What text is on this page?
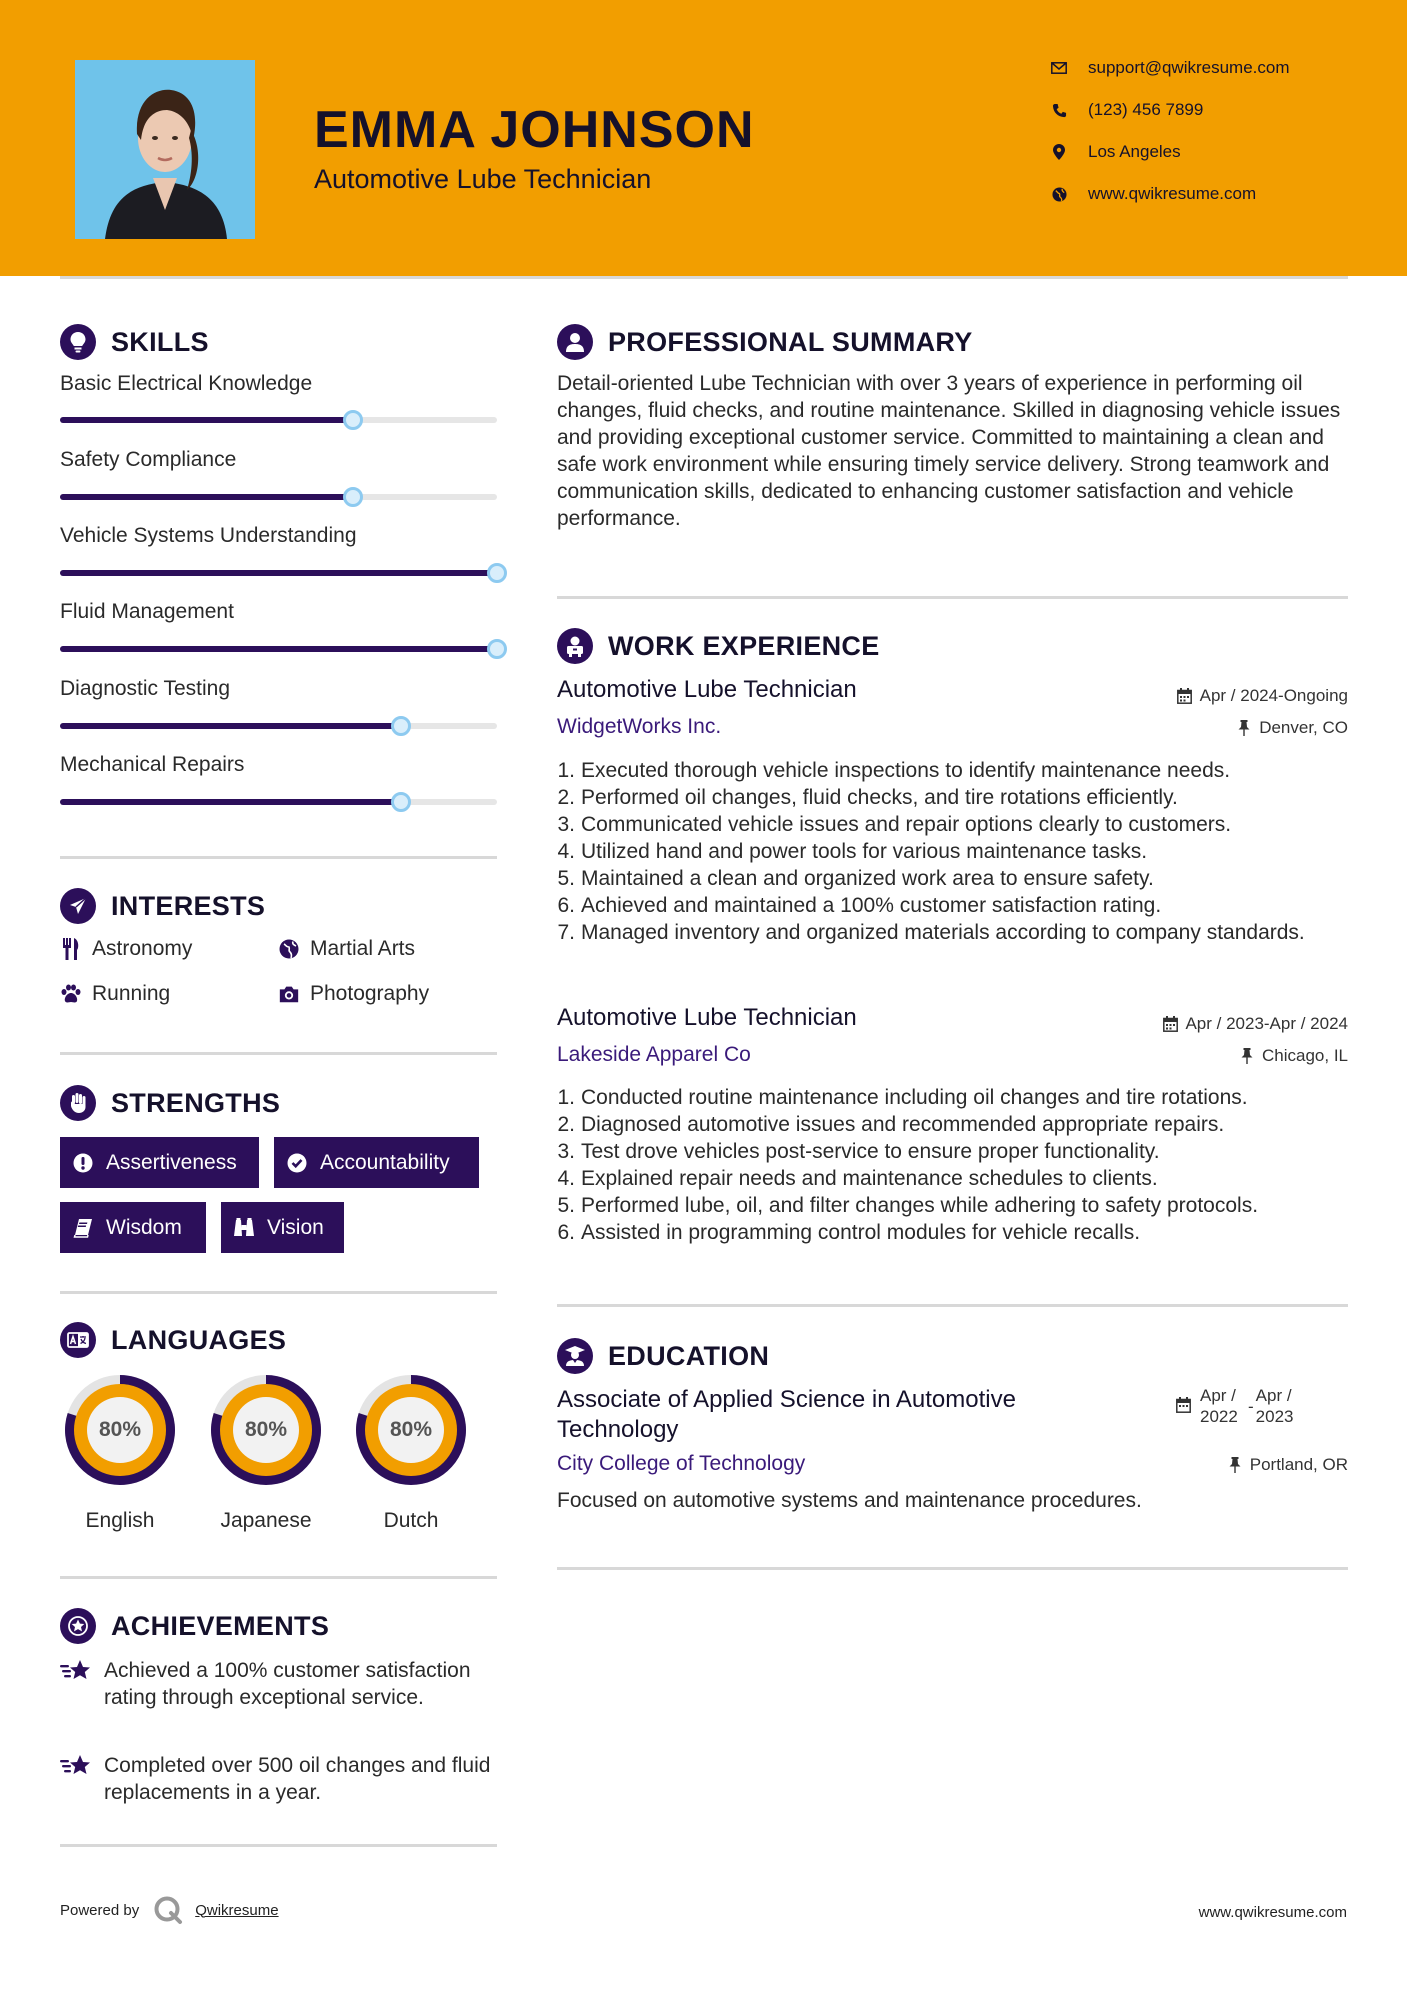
EMMA JOHNSON
Automotive Lube Technician
support@qwikresume.com
(123) 456 7899
Los Angeles
www.qwikresume.com
SKILLS
Basic Electrical Knowledge
Safety Compliance
Vehicle Systems Understanding
Fluid Management
Diagnostic Testing
Mechanical Repairs
INTERESTS
Astronomy	Martial Arts
Running	Photography
STRENGTHS
Assertiveness	Accountability
Wisdom	Vision
LANGUAGES
80%
English
80%
Japanese
80%
Dutch
ACHIEVEMENTS
Achieved a 100% customer satisfaction rating through exceptional service.
Completed over 500 oil changes and fluid replacements in a year.
PROFESSIONAL SUMMARY
Detail-oriented Lube Technician with over 3 years of experience in performing oil changes, fluid checks, and routine maintenance. Skilled in diagnosing vehicle issues and providing exceptional customer service. Committed to maintaining a clean and safe work environment while ensuring timely service delivery. Strong teamwork and communication skills, dedicated to enhancing customer satisfaction and vehicle performance.
WORK EXPERIENCE
Automotive Lube Technician
WidgetWorks Inc.
Apr / 2024-Ongoing
Denver, CO
1. Executed thorough vehicle inspections to identify maintenance needs.
2. Performed oil changes, fluid checks, and tire rotations efficiently.
3. Communicated vehicle issues and repair options clearly to customers.
4. Utilized hand and power tools for various maintenance tasks.
5. Maintained a clean and organized work area to ensure safety.
6. Achieved and maintained a 100% customer satisfaction rating.
7. Managed inventory and organized materials according to company standards.
Automotive Lube Technician
Lakeside Apparel Co
Apr / 2023-Apr / 2024
Chicago, IL
1. Conducted routine maintenance including oil changes and tire rotations.
2. Diagnosed automotive issues and recommended appropriate repairs.
3. Test drove vehicles post-service to ensure proper functionality.
4. Explained repair needs and maintenance schedules to clients.
5. Performed lube, oil, and filter changes while adhering to safety protocols.
6. Assisted in programming control modules for vehicle recalls.
EDUCATION
Associate of Applied Science in Automotive
Technology
Apr /
2022
-
Apr /
2023
City College of Technology	Portland, OR
Focused on automotive systems and maintenance procedures.
Powered by	Qwikresume	www.qwikresume.com
